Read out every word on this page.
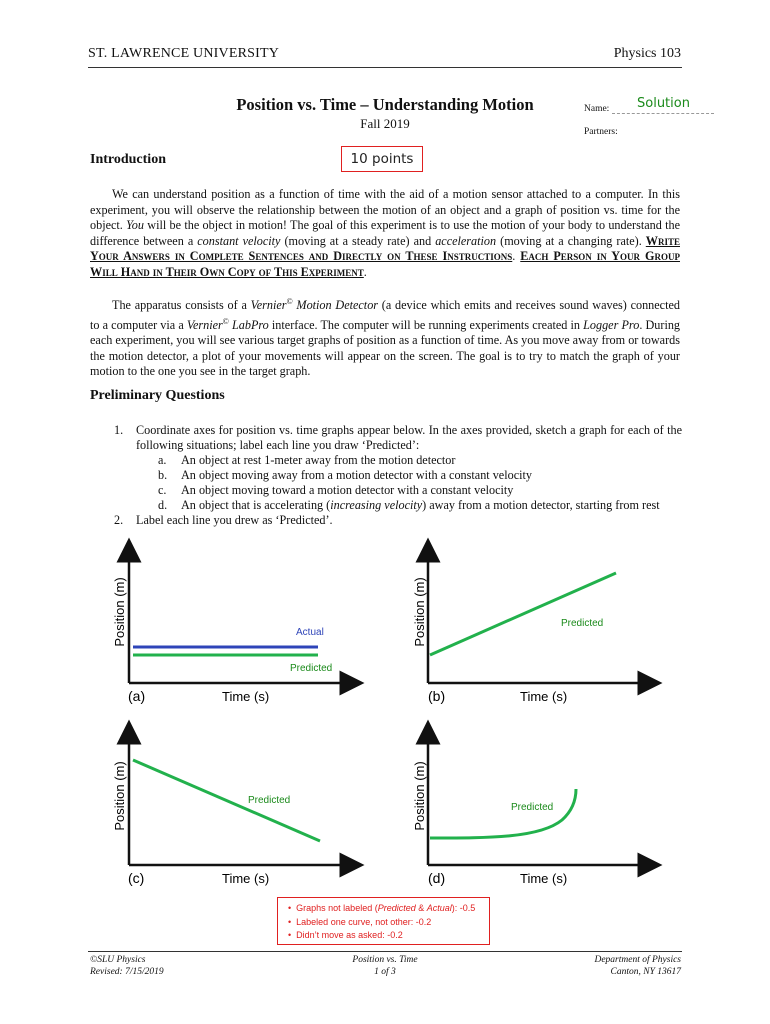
ST. LAWRENCE UNIVERSITY	Physics 103
Position vs. Time – Understanding Motion
Fall 2019
Name: Solution
Partners:
Introduction	10 points

We can understand position as a function of time with the aid of a motion sensor attached to a computer. In this experiment, you will observe the relationship between the motion of an object and a graph of position vs. time for the object. You will be the object in motion! The goal of this experiment is to use the motion of your body to understand the difference between a constant velocity (moving at a steady rate) and acceleration (moving at a changing rate). Write Your Answers in Complete Sentences and Directly on These Instructions. Each Person in Your Group Will Hand in Their Own Copy of This Experiment.

The apparatus consists of a Vernier© Motion Detector (a device which emits and receives sound waves) connected to a computer via a Vernier© LabPro interface. The computer will be running experiments created in Logger Pro. During each experiment, you will see various target graphs of position as a function of time. As you move away from or towards the motion detector, a plot of your movements will appear on the screen. The goal is to try to match the graph of your motion to the one you see in the target graph.

Preliminary Questions
1. Coordinate axes for position vs. time graphs appear below. In the axes provided, sketch a graph for each of the following situations; label each line you draw ‘Predicted’:
a. An object at rest 1-meter away from the motion detector
b. An object moving away from a motion detector with a constant velocity
c. An object moving toward a motion detector with a constant velocity
d. An object that is accelerating (increasing velocity) away from a motion detector, starting from rest
2. Label each line you drew as ‘Predicted’.
Position (m)
(a)	Time (s)
Actual
Predicted
Position (m)
(b)	Time (s)
Predicted
Position (m)
(c)	Time (s)
Predicted	Position (m)
(d)	Time (s)
Predicted
•  Graphs not labeled (Predicted & Actual): -0.5
•  Labeled one curve, not other: -0.2
•  Didn’t move as asked: -0.2
©SLU Physics
Revised: 7/15/2019
Position vs. Time
1 of 3
Department of Physics
Canton, NY 13617
